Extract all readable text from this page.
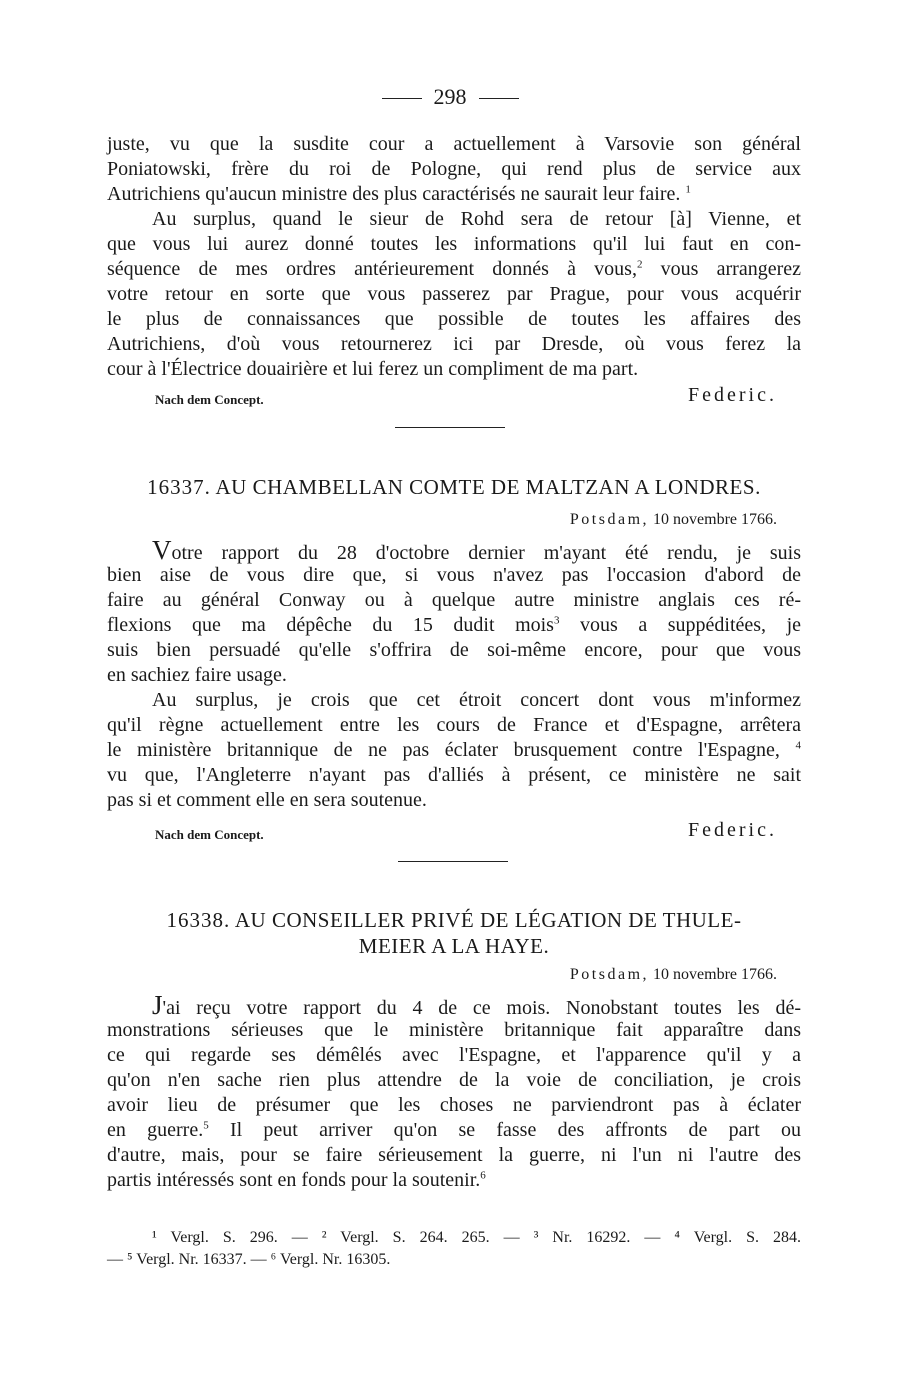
298
juste, vu que la susdite cour a actuellement à Varsovie son général
Poniatowski, frère du roi de Pologne, qui rend plus de service aux
Autrichiens qu'aucun ministre des plus caractérisés ne saurait leur faire. $^1$
Au surplus, quand le sieur de Rohd sera de retour [à] Vienne, et
que vous lui aurez donné toutes les informations qu'il lui faut en con-
séquence de mes ordres antérieurement donnés à vous,$^2$ vous arrangerez
votre retour en sorte que vous passerez par Prague, pour vous acquérir
le plus de connaissances que possible de toutes les affaires des
Autrichiens, d'où vous retournerez ici par Dresde, où vous ferez la
cour à l'Électrice douairière et lui ferez un compliment de ma part.
Nach dem Concept.	Federic.
16337. AU CHAMBELLAN COMTE DE MALTZAN A LONDRES.
Potsdam, 10 novembre 1766.
Votre rapport du 28 d'octobre dernier m'ayant été rendu, je suis
bien aise de vous dire que, si vous n'avez pas l'occasion d'abord de
faire au général Conway ou à quelque autre ministre anglais ces ré-
flexions que ma dépêche du 15 dudit mois$^3$ vous a suppéditées, je
suis bien persuadé qu'elle s'offrira de soi-même encore, pour que vous
en sachiez faire usage.
Au surplus, je crois que cet étroit concert dont vous m'informez
qu'il règne actuellement entre les cours de France et d'Espagne, arrêtera
le ministère britannique de ne pas éclater brusquement contre l'Espagne, $^4$
vu que, l'Angleterre n'ayant pas d'alliés à présent, ce ministère ne sait
pas si et comment elle en sera soutenue.
Nach dem Concept.	Federic.
16338. AU CONSEILLER PRIVÉ DE LÉGATION DE THULE-
MEIER A LA HAYE.
Potsdam, 10 novembre 1766.
J'ai reçu votre rapport du 4 de ce mois. Nonobstant toutes les dé-
monstrations sérieuses que le ministère britannique fait apparaître dans
ce qui regarde ses démêlés avec l'Espagne, et l'apparence qu'il y a
qu'on n'en sache rien plus attendre de la voie de conciliation, je crois
avoir lieu de présumer que les choses ne parviendront pas à éclater
en guerre.$^5$ Il peut arriver qu'on se fasse des affronts de part ou
d'autre, mais, pour se faire sérieusement la guerre, ni l'un ni l'autre des
partis intéressés sont en fonds pour la soutenir.$^6$
¹ Vergl. S. 296. — ² Vergl. S. 264. 265. — ³ Nr. 16292. — ⁴ Vergl. S. 284.
— ⁵ Vergl. Nr. 16337. — ⁶ Vergl. Nr. 16305.
